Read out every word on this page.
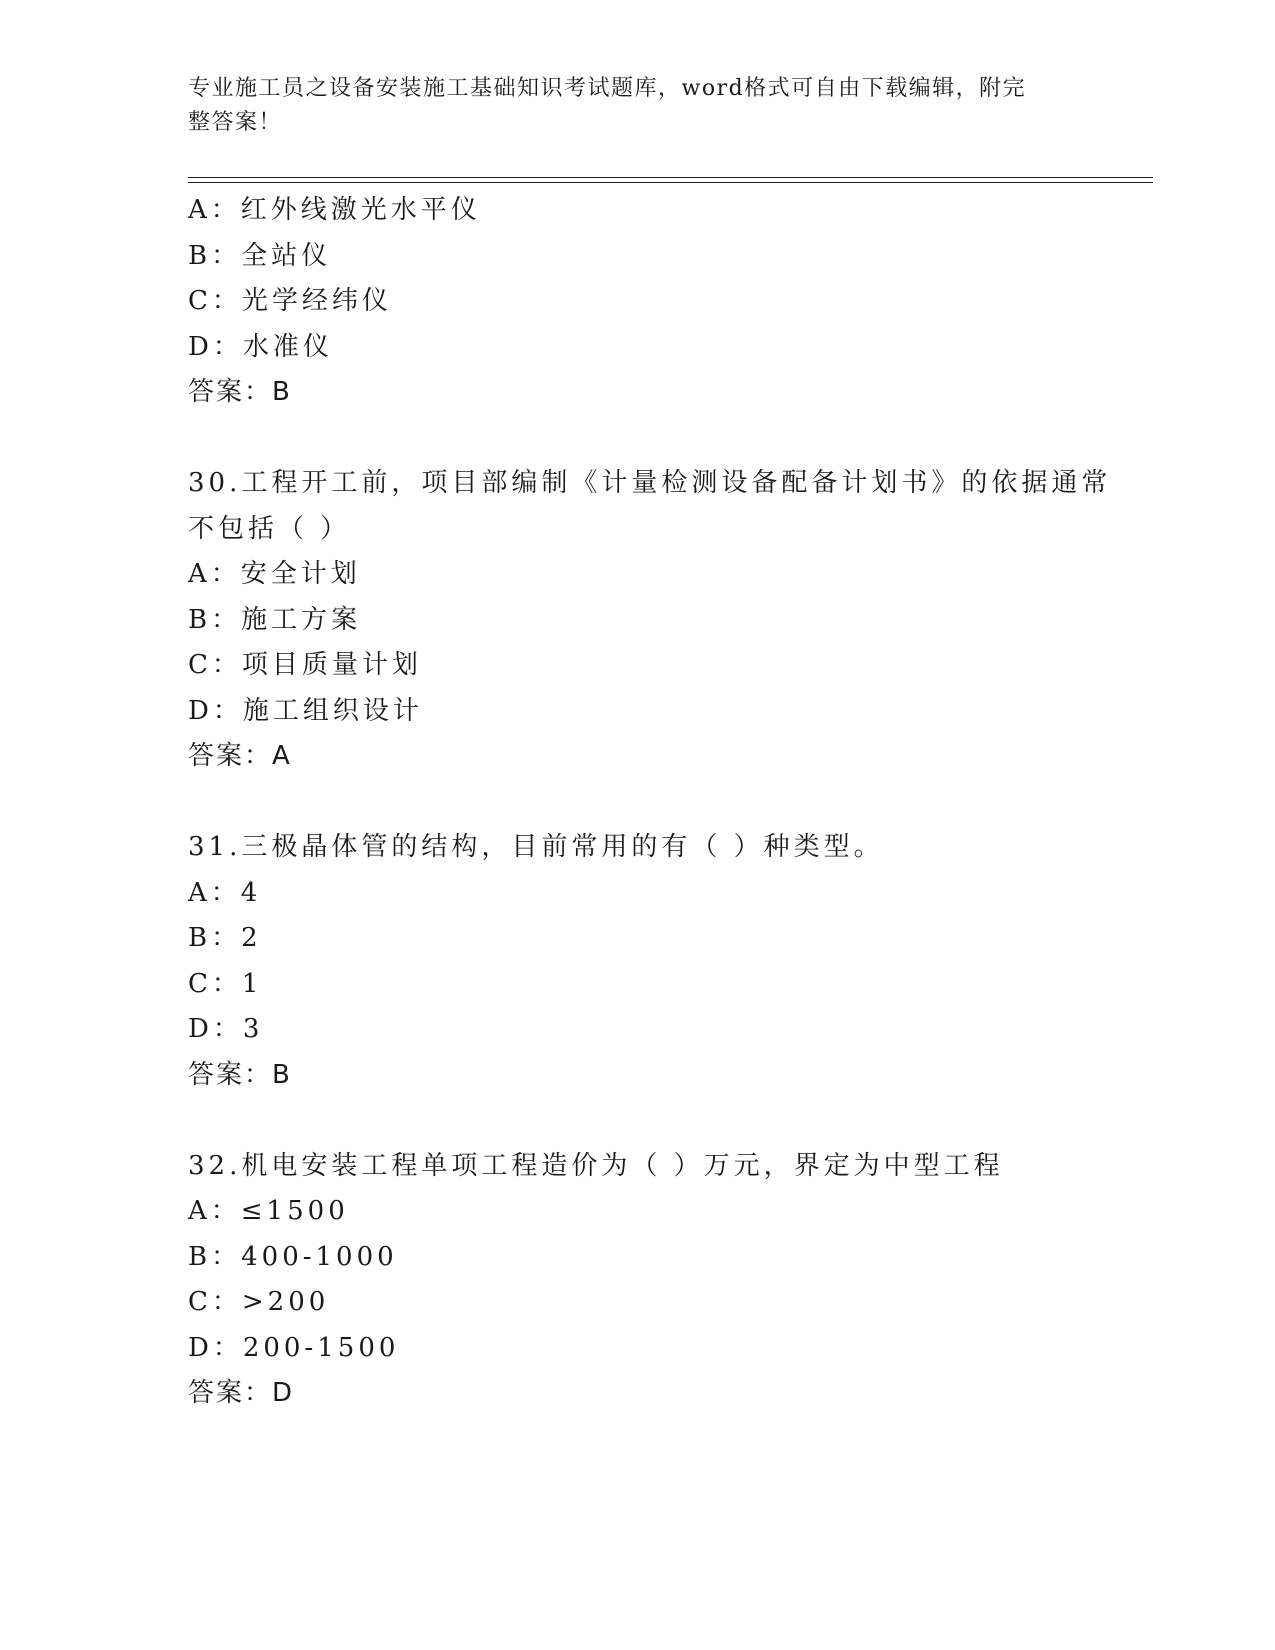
专业施工员之设备安装施工基础知识考试题库，word格式可自由下载编辑，附完
整答案！
A：红外线激光水平仪
B：全站仪
C：光学经纬仪
D：水准仪
答案：B
30.工程开工前，项目部编制《计量检测设备配备计划书》的依据通常
不包括（ ）
A：安全计划
B：施工方案
C：项目质量计划
D：施工组织设计
答案：A
31.三极晶体管的结构，目前常用的有（ ）种类型。
A：4
B：2
C：1
D：3
答案：B
32.机电安装工程单项工程造价为（ ）万元，界定为中型工程
A：≤1500
B：400-1000
C：>200
D：200-1500
答案：D
